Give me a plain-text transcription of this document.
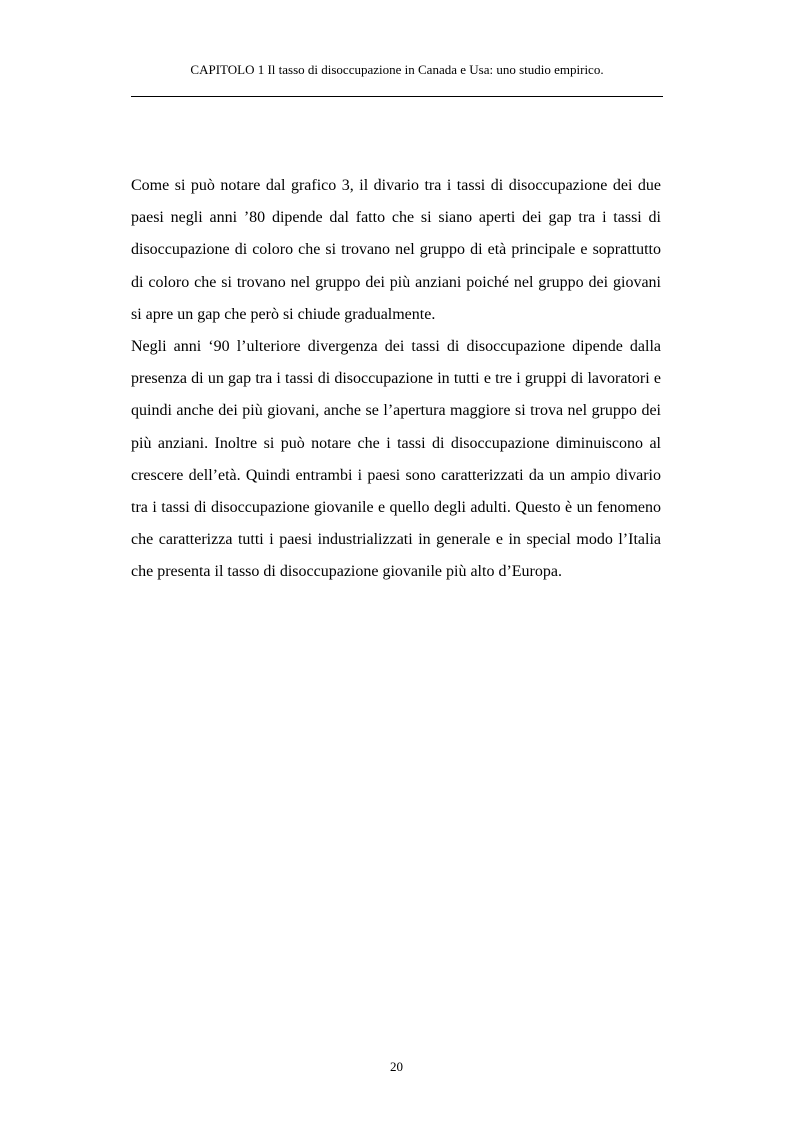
CAPITOLO 1 Il tasso di disoccupazione in Canada e Usa: uno studio empirico.

Come si può notare dal grafico 3, il divario tra i tassi di disoccupazione dei due paesi negli anni ’80 dipende dal fatto che si siano aperti dei gap tra i tassi di disoccupazione di coloro che si trovano nel gruppo di età principale e soprattutto di coloro che si trovano nel gruppo dei più anziani poiché nel gruppo dei giovani si apre un gap che però si chiude gradualmente.

Negli anni ‘90 l’ulteriore divergenza dei tassi di disoccupazione dipende dalla presenza di un gap tra i tassi di disoccupazione in tutti e tre i gruppi di lavoratori e quindi anche dei più giovani, anche se l’apertura maggiore si trova nel gruppo dei più anziani. Inoltre si può notare che i tassi di disoccupazione diminuiscono al crescere dell’età. Quindi entrambi i paesi sono caratterizzati da un ampio divario tra i tassi di disoccupazione giovanile e quello degli adulti. Questo è un fenomeno che caratterizza tutti i paesi industrializzati in generale e in special modo l’Italia che presenta il tasso di disoccupazione giovanile più alto d’Europa.

20
